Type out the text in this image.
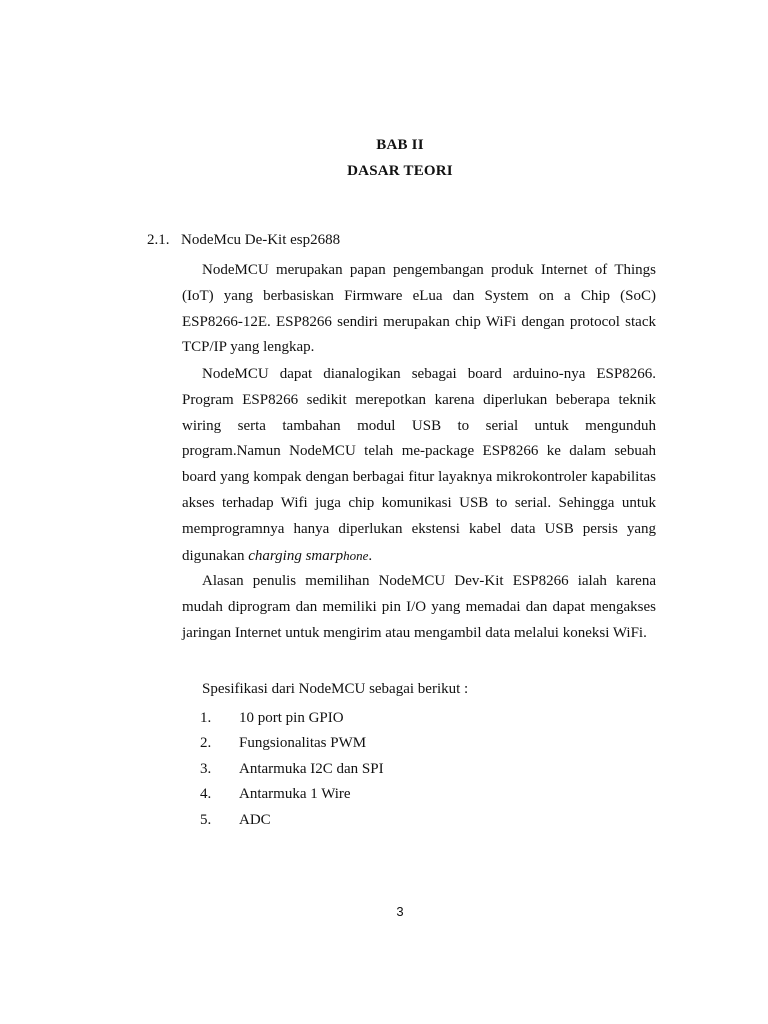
BAB II
DASAR TEORI
2.1. NodeMcu De-Kit esp2688

NodeMCU merupakan papan pengembangan produk Internet of Things (IoT) yang berbasiskan Firmware eLua dan System on a Chip (SoC) ESP8266-12E. ESP8266 sendiri merupakan chip WiFi dengan protocol stack TCP/IP yang lengkap.

NodeMCU dapat dianalogikan sebagai board arduino-nya ESP8266. Program ESP8266 sedikit merepotkan karena diperlukan beberapa teknik wiring serta tambahan modul USB to serial untuk mengunduh program.Namun NodeMCU telah me-package ESP8266 ke dalam sebuah board yang kompak dengan berbagai fitur layaknya mikrokontroler kapabilitas akses terhadap Wifi juga chip komunikasi USB to serial. Sehingga untuk memprogramnya hanya diperlukan ekstensi kabel data USB persis yang digunakan charging smarphone.

Alasan penulis memilihan NodeMCU Dev-Kit ESP8266 ialah karena mudah diprogram dan memiliki pin I/O yang memadai dan dapat mengakses jaringan Internet untuk mengirim atau mengambil data melalui koneksi WiFi.

Spesifikasi dari NodeMCU sebagai berikut :

1. 10 port pin GPIO
2. Fungsionalitas PWM
3. Antarmuka I2C dan SPI
4. Antarmuka 1 Wire
5. ADC
3
